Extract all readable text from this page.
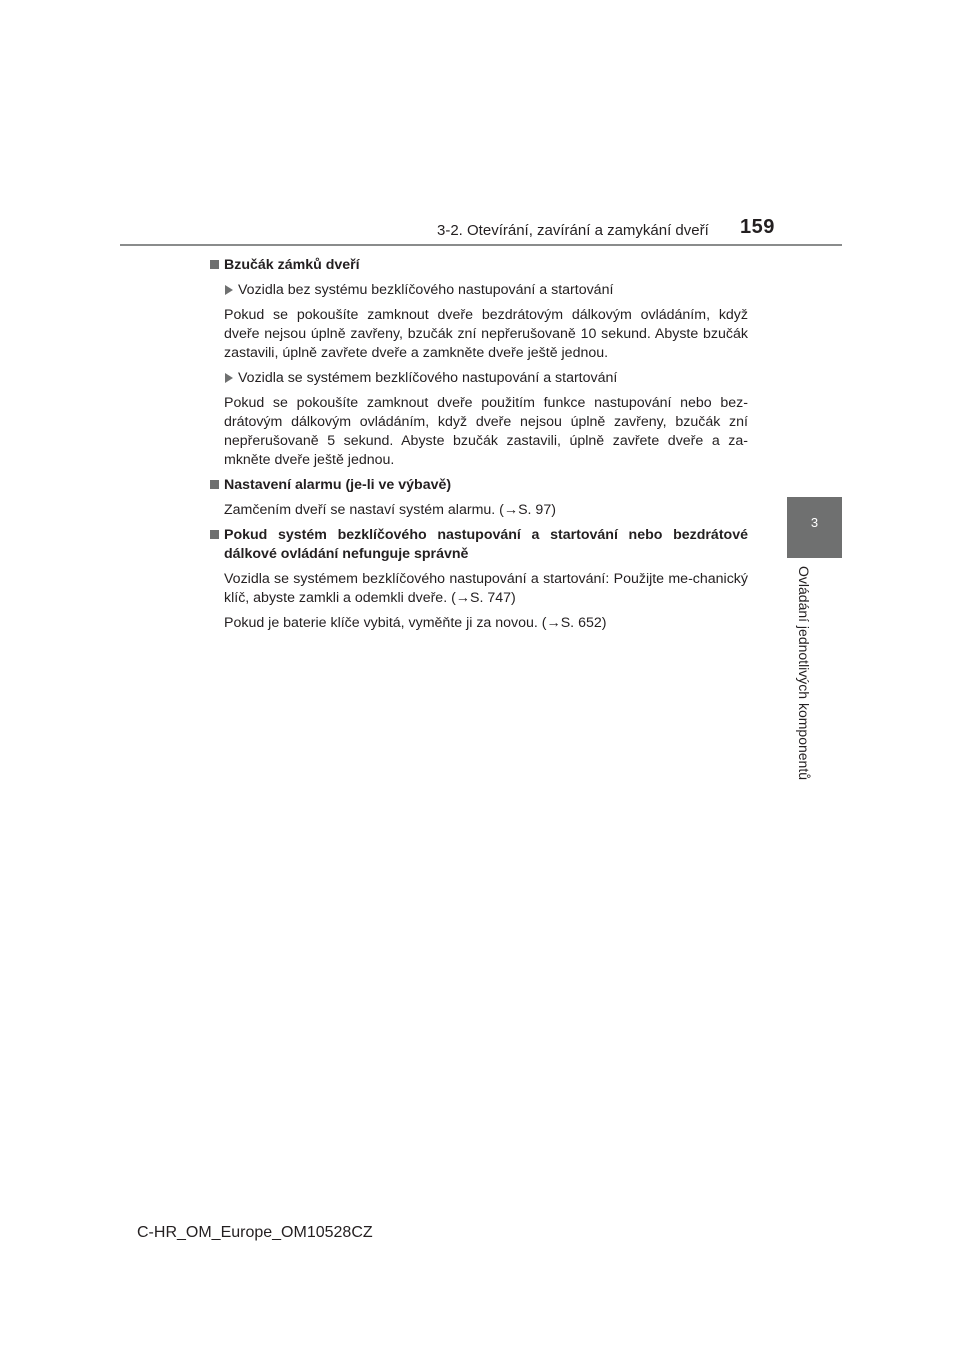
3-2. Otevírání, zavírání a zamykání dveří 159
3
Ovládání jednotlivých komponentů
Bzučák zámků dveří
Vozidla bez systému bezklíčového nastupování a startování
Pokud se pokoušíte zamknout dveře bezdrátovým dálkovým ovládáním, když dveře nejsou úplně zavřeny, bzučák zní nepřerušovaně 10 sekund. Abyste bzučák zastavili, úplně zavřete dveře a zamkněte dveře ještě jednou.
Vozidla se systémem bezklíčového nastupování a startování
Pokud se pokoušíte zamknout dveře použitím funkce nastupování nebo bez-drátovým dálkovým ovládáním, když dveře nejsou úplně zavřeny, bzučák zní nepřerušovaně 5 sekund. Abyste bzučák zastavili, úplně zavřete dveře a za-mkněte dveře ještě jednou.
Nastavení alarmu (je-li ve výbavě)
Zamčením dveří se nastaví systém alarmu. (→S. 97)
Pokud systém bezklíčového nastupování a startování nebo bezdrátové dálkové ovládání nefunguje správně
Vozidla se systémem bezklíčového nastupování a startování: Použijte me-chanický klíč, abyste zamkli a odemkli dveře. (→S. 747)
Pokud je baterie klíče vybitá, vyměňte ji za novou. (→S. 652)
C-HR_OM_Europe_OM10528CZ
